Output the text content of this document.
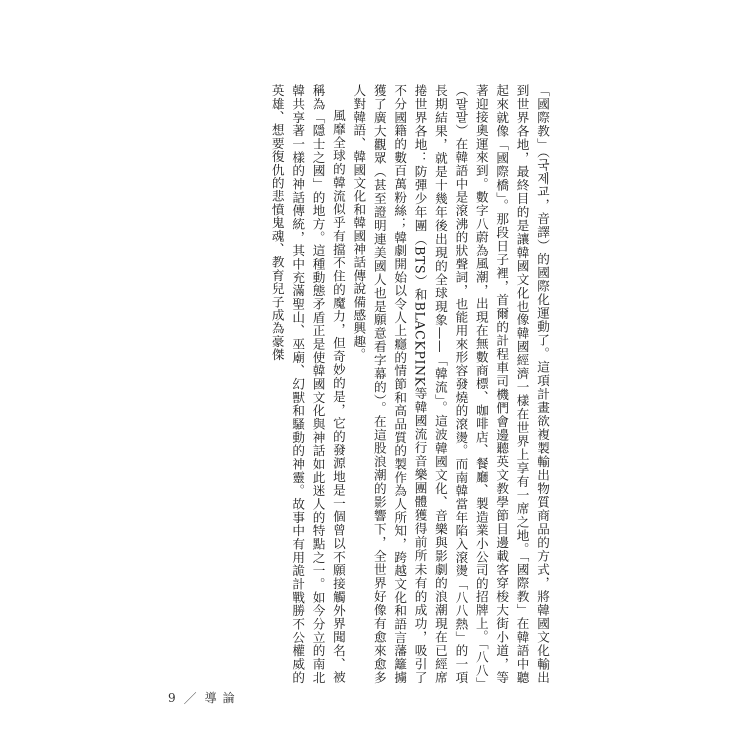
「國際教」（국제교，音譯）的國際化運動了。這項計畫欲複製輸出物質商品的方式，將韓國文化輸出到世界各地，最終目的是讓韓國文化也像韓國經濟一樣在世界上享有一席之地。「國際教」在韓語中聽起來就像「國際橋」。那段日子裡，首爾的計程車司機們會邊聽英文教學節目邊載客穿梭大街小道，等著迎接奧運來到。數字八蔚為風潮，出現在無數商標、咖啡店、餐廳、製造業小公司的招牌上。「八八」（팔팔）在韓語中是滾沸的狀聲詞，也能用來形容發燒的滾燙。而南韓當年陷入滾燙「八八熱」的一項長期結果，就是十幾年後出現的全球現象——「韓流」。這波韓國文化、音樂與影劇的浪潮現在已經席捲世界各地：防彈少年團（BTS）和BLACKPINK等韓國流行音樂團體獲得前所未有的成功，吸引了不分國籍的數百萬粉絲；韓劇開始以令人上癮的情節和高品質的製作為人所知，跨越文化和語言藩籬擄獲了廣大觀眾（甚至證明連美國人也是願意看字幕的）。在這股浪潮的影響下，全世界好像有愈來愈多人對韓語、韓國文化和韓國神話傳說備感興趣。

風靡全球的韓流似乎有擋不住的魔力，但奇妙的是，它的發源地是一個曾以不願接觸外界聞名、被稱為「隱士之國」的地方。這種動態矛盾正是使韓國文化與神話如此迷人的特點之一。如今分立的南北韓共享著一樣的神話傳統，其中充滿聖山、巫廟、幻獸和騷動的神靈。故事中有用詭計戰勝不公權威的英雄、想要復仇的悲憤鬼魂、教育兒子成為豪傑

9 ／ 導論
